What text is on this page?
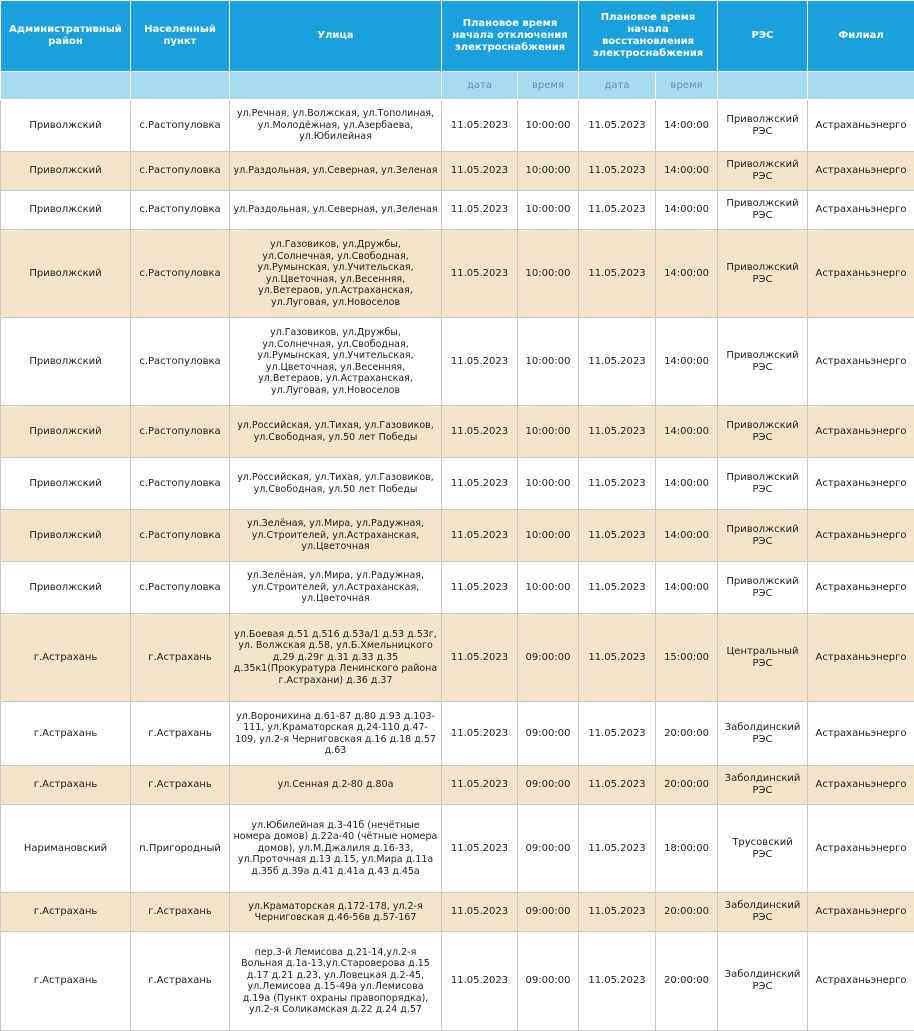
Административный район	Населенный пункт	Улица	Плановое время начала отключения электроснабжения		Плановое время начала восстановления электроснабжения		РЭС	Филиал
			дата	время	дата	время		
Приволжский	с.Растопуловка	ул.Речная, ул.Волжская, ул.Тополиная, ул.Молодёжная, ул.Азербаева, ул.Юбилейная	11.05.2023	10:00:00	11.05.2023	14:00:00	Приволжский РЭС	Астраханьэнерго
Приволжский	с.Растопуловка	ул.Раздольная, ул.Северная, ул.Зеленая	11.05.2023	10:00:00	11.05.2023	14:00:00	Приволжский РЭС	Астраханьэнерго
Приволжский	с.Растопуловка	ул.Раздольная, ул.Северная, ул.Зеленая	11.05.2023	10:00:00	11.05.2023	14:00:00	Приволжский РЭС	Астраханьэнерго
Приволжский	с.Растопуловка	ул.Газовиков, ул.Дружбы, ул.Солнечная, ул.Свободная, ул.Румынская, ул.Учительская, ул.Цветочная, ул.Весенняя, ул.Ветераов, ул.Астраханская, ул.Луговая, ул.Новоселов	11.05.2023	10:00:00	11.05.2023	14:00:00	Приволжский РЭС	Астраханьэнерго
Приволжский	с.Растопуловка	ул.Газовиков, ул.Дружбы, ул.Солнечная, ул.Свободная, ул.Румынская, ул.Учительская, ул.Цветочная, ул.Весенняя, ул.Ветераов, ул.Астраханская, ул.Луговая, ул.Новоселов	11.05.2023	10:00:00	11.05.2023	14:00:00	Приволжский РЭС	Астраханьэнерго
Приволжский	с.Растопуловка	ул.Российская, ул.Тихая, ул.Газовиков, ул.Свободная, ул.50 лет Победы	11.05.2023	10:00:00	11.05.2023	14:00:00	Приволжский РЭС	Астраханьэнерго
Приволжский	с.Растопуловка	ул.Российская, ул.Тихая, ул.Газовиков, ул.Свободная, ул.50 лет Победы	11.05.2023	10:00:00	11.05.2023	14:00:00	Приволжский РЭС	Астраханьэнерго
Приволжский	с.Растопуловка	ул.Зелёная, ул.Мира, ул.Радужная, ул.Строителей, ул.Астраханская, ул.Цветочная	11.05.2023	10:00:00	11.05.2023	14:00:00	Приволжский РЭС	Астраханьэнерго
Приволжский	с.Растопуловка	ул.Зелёная, ул.Мира, ул.Радужная, ул.Строителей, ул.Астраханская, ул.Цветочная	11.05.2023	10:00:00	11.05.2023	14:00:00	Приволжский РЭС	Астраханьэнерго
г.Астрахань	г.Астрахань	ул.Боевая д.51 д.516 д.53а/1 д.53 д.53г, ул. Волжская д.58, ул.Б.Хмельницкого д.29 д.29г д.31 д.33 д.35 д.35к1(Прокуратура Ленинского района г.Астрахани) д.36 д.37	11.05.2023	09:00:00	11.05.2023	15:00:00	Центральный РЭС	Астраханьэнерго
г.Астрахань	г.Астрахань	ул.Воронихина д.61-87 д.80 д.93 д.103-111, ул.Краматорская д.24-110 д.47-109, ул.2-я Черниговская д.16 д.18 д.57 д.63	11.05.2023	09:00:00	11.05.2023	20:00:00	Заболдинский РЭС	Астраханьэнерго
г.Астрахань	г.Астрахань	ул.Сенная д.2-80 д.80а	11.05.2023	09:00:00	11.05.2023	20:00:00	Заболдинский РЭС	Астраханьэнерго
Наримановский	п.Пригородный	ул.Юбилейная д.3-41б (нечётные номера домов) д.22а-40 (чётные номера домов), ул.М.Джалиля д.16-33, ул.Проточная д.13 д.15, ул.Мира д.11а д.35б д.39а д.41 д.41а д.43 д.45а	11.05.2023	09:00:00	11.05.2023	18:00:00	Трусовский РЭС	Астраханьэнерго
г.Астрахань	г.Астрахань	ул.Краматорская д.172-178, ул.2-я Черниговская д.46-56в д.57-167	11.05.2023	09:00:00	11.05.2023	20:00:00	Заболдинский РЭС	Астраханьэнерго
г.Астрахань	г.Астрахань	пер.3-й Лемисова д.21-14,ул.2-я Вольная д.1а-13,ул.Староверова д.15 д.17 д.21 д.23, ул.Ловецкая д.2-45, ул.Лемисова д.15-49а ул.Лемисова д.19а (Пункт охраны правопорядка), ул.2-я Соликамская д.22 д.24 д.57	11.05.2023	09:00:00	11.05.2023	20:00:00	Заболдинский РЭС	Астраханьэнерго
